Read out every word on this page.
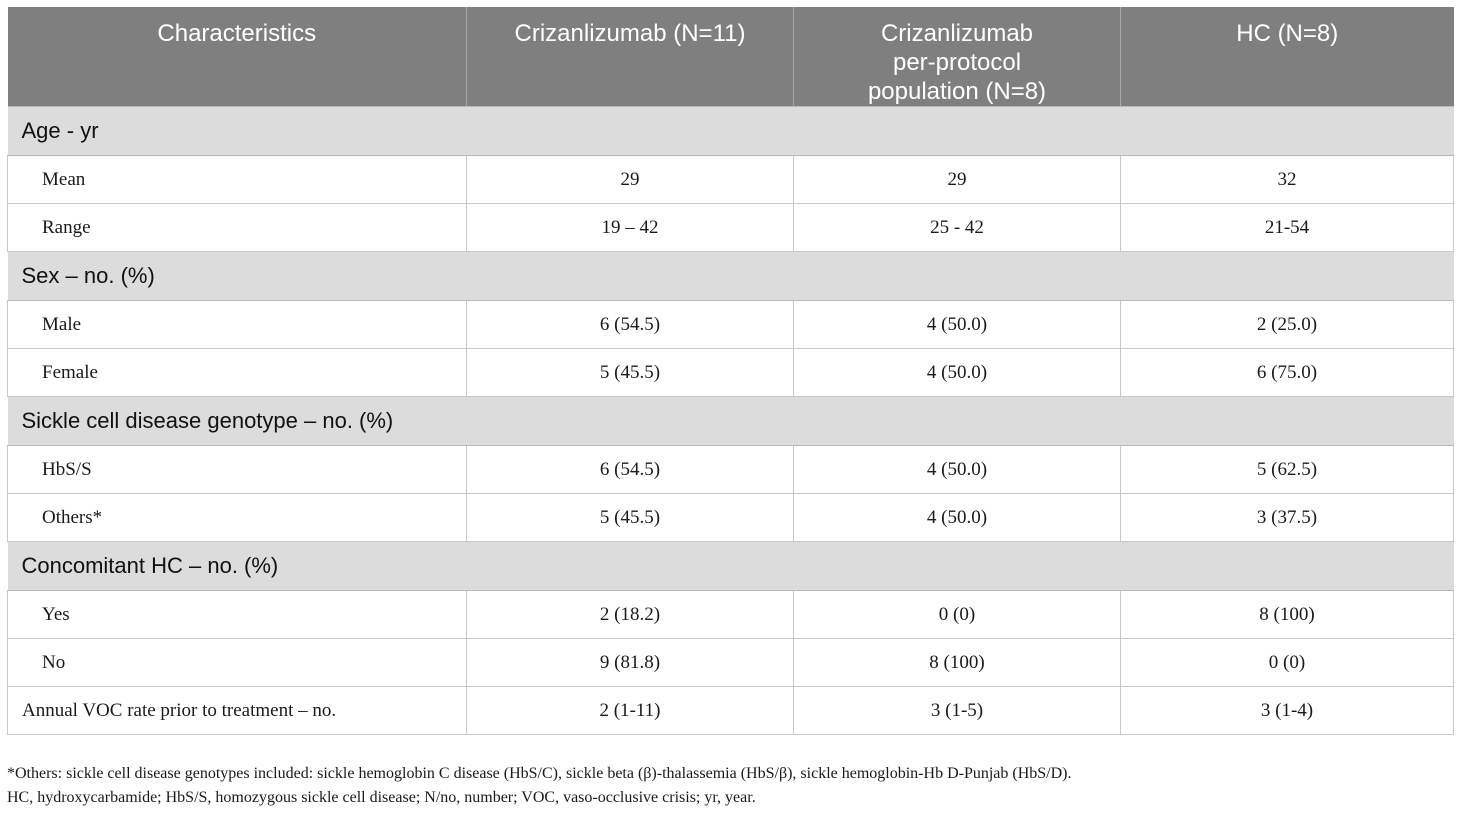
Characteristics	Crizanlizumab (N=11)	Crizanlizumab
per-protocol
population (N=8)	HC (N=8)
Age - yr			
Mean	29	29	32
Range	19 – 42	25 - 42	21-54
Sex – no. (%)			
Male	6 (54.5)	4 (50.0)	2 (25.0)
Female	5 (45.5)	4 (50.0)	6 (75.0)
Sickle cell disease genotype – no. (%)			
HbS/S	6 (54.5)	4 (50.0)	5 (62.5)
Others*	5 (45.5)	4 (50.0)	3 (37.5)
Concomitant HC – no. (%)			
Yes	2 (18.2)	0 (0)	8 (100)
No	9 (81.8)	8 (100)	0 (0)
Annual VOC rate prior to treatment – no.	2 (1-11)	3 (1-5)	3 (1-4)
*Others: sickle cell disease genotypes included: sickle hemoglobin C disease (HbS/C), sickle beta (β)-thalassemia (HbS/β), sickle hemoglobin-Hb D-Punjab (HbS/D).
HC, hydroxycarbamide; HbS/S, homozygous sickle cell disease; N/no, number; VOC, vaso-occlusive crisis; yr, year.
